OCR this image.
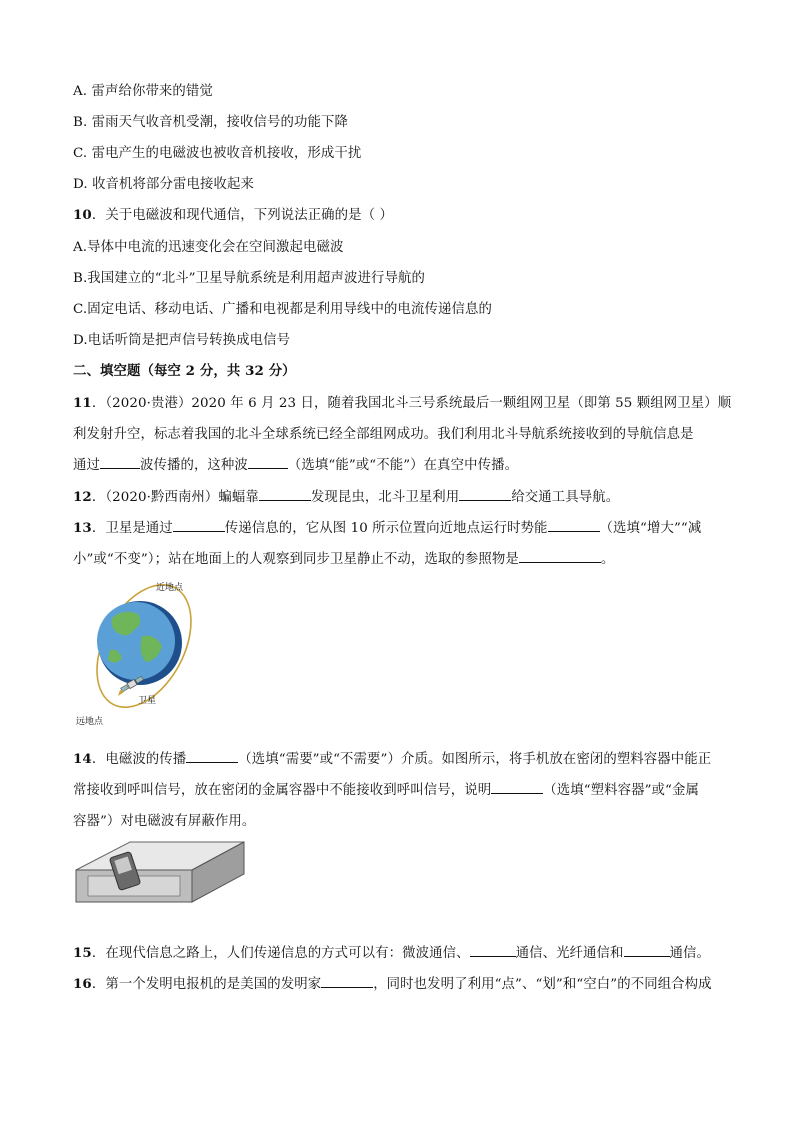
A. 雷声给你带来的错觉
B. 雷雨天气收音机受潮，接收信号的功能下降
C. 雷电产生的电磁波也被收音机接收，形成干扰
D. 收音机将部分雷电接收起来
10．关于电磁波和现代通信，下列说法正确的是（ ）
A.导体中电流的迅速变化会在空间激起电磁波
B.我国建立的“北斗”卫星导航系统是利用超声波进行导航的
C.固定电话、移动电话、广播和电视都是利用导线中的电流传递信息的
D.电话听筒是把声信号转换成电信号
二、填空题（每空 2 分，共 32 分）
11．（2020·贵港）2020 年 6 月 23 日，随着我国北斗三号系统最后一颗组网卫星（即第 55 颗组网卫星）顺
利发射升空，标志着我国的北斗全球系统已经全部组网成功。我们利用北斗导航系统接收到的导航信息是
通过	波传播的，这种波	（选填“能”或“不能”）在真空中传播。
12．（2020·黔西南州）蝙蝠靠	发现昆虫，北斗卫星利用	给交通工具导航。
13．卫星是通过	传递信息的，它从图 10 所示位置向近地点运行时势能	（选填“增大”“减
小”或“不变”）；站在地面上的人观察到同步卫星静止不动，选取的参照物是	。
近地点
卫星
远地点
14．电磁波的传播	（选填“需要”或“不需要”）介质。如图所示，将手机放在密闭的塑料容器中能正
常接收到呼叫信号，放在密闭的金属容器中不能接收到呼叫信号，说明	（选填“塑料容器”或“金属
容器”）对电磁波有屏蔽作用。
15．在现代信息之路上，人们传递信息的方式可以有：微波通信、	通信、光纤通信和	通信。
16．第一个发明电报机的是美国的发明家	，同时也发明了利用“点”、“划”和“空白”的不同组合构成
